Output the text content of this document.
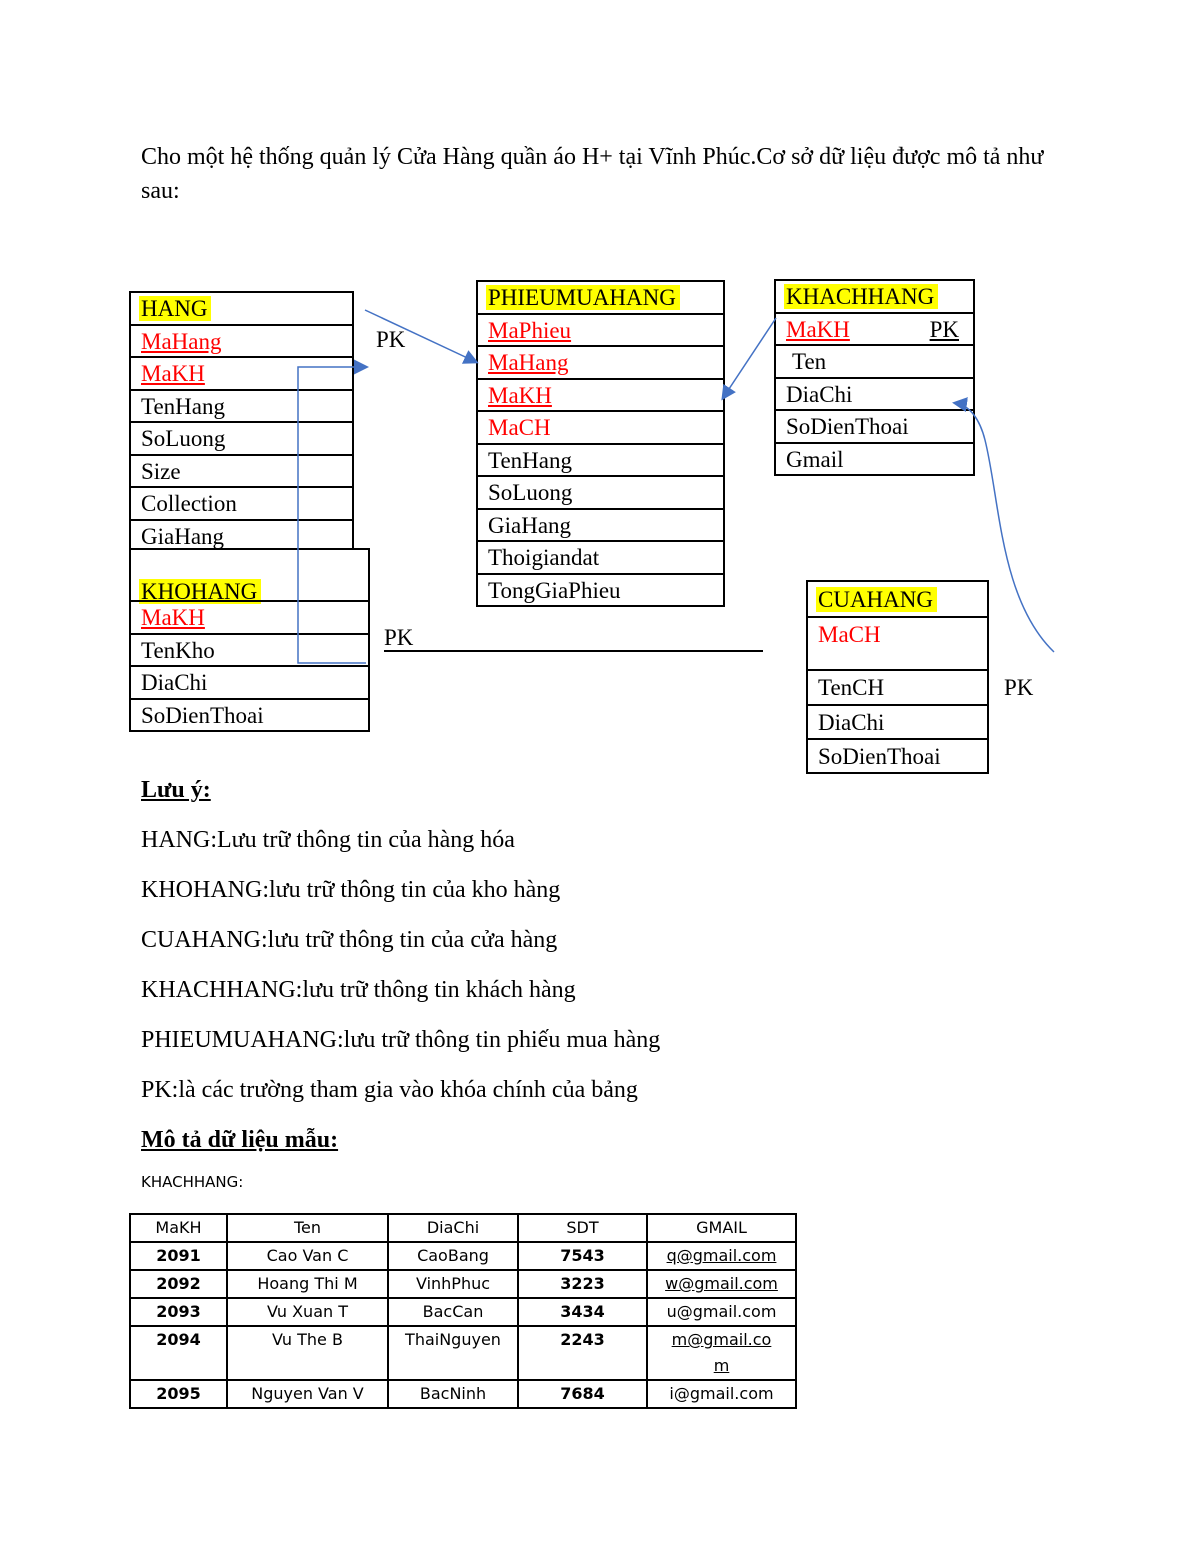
Cho một hệ thống quản lý Cửa Hàng quần áo H+ tại Vĩnh Phúc.Cơ sở dữ liệu được mô tả như sau:
HANG
MaHang
MaKH
TenHang
SoLuong
Size
Collection
GiaHang
KHOHANG
MaKH
TenKho
DiaChi
SoDienThoai
PHIEUMUAHANG
MaPhieu
MaHang
MaKH
MaCH
TenHang
SoLuong
GiaHang
Thoigiandat
TongGiaPhieu
KHACHHANG
MaKH	PK
Ten
DiaChi
SoDienThoai
Gmail
CUAHANG
MaCH
TenCH
DiaChi
SoDienThoai
PK
PK
PK

Lưu ý:

HANG:Lưu trữ thông tin của hàng hóa

KHOHANG:lưu trữ thông tin của kho hàng

CUAHANG:lưu trữ thông tin của cửa hàng

KHACHHANG:lưu trữ thông tin khách hàng

PHIEUMUAHANG:lưu trữ thông tin phiếu mua hàng

PK:là các trường tham gia vào khóa chính của bảng

Mô tả dữ liệu mẫu:

KHACHHANG:
MaKH	Ten	DiaChi	SDT	GMAIL
2091	Cao Van C	CaoBang	7543	q@gmail.com
2092	Hoang Thi M	VinhPhuc	3223	w@gmail.com
2093	Vu Xuan T	BacCan	3434	u@gmail.com
2094	Vu The B	ThaiNguyen	2243	m@gmail.com
2095	Nguyen Van V	BacNinh	7684	i@gmail.com
